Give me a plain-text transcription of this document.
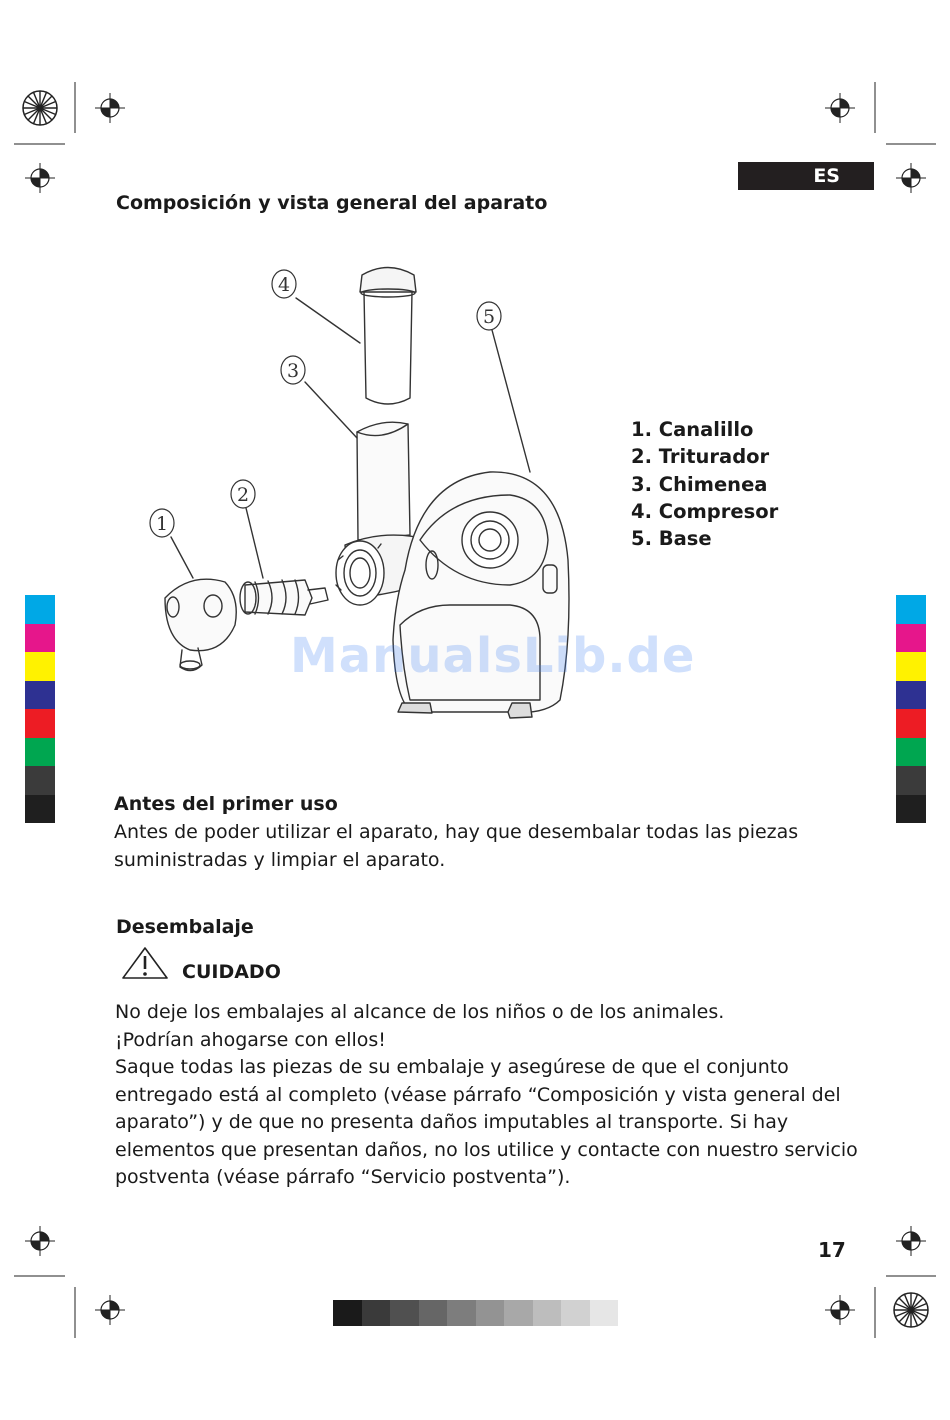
ES
Composición y vista general del aparato
4
3
5
2
1
1. Canalillo
2. Triturador
3. Chimenea
4. Compresor
5. Base
ManualsLib.de
Antes del primer uso
Antes de poder utilizar el aparato, hay que desembalar todas las piezas
suministradas y limpiar el aparato.
Desembalaje
CUIDADO
No deje los embalajes al alcance de los niños o de los animales.
¡Podrían ahogarse con ellos!
Saque todas las piezas de su embalaje y asegúrese de que el conjunto
entregado está al completo (véase párrafo “Composición y vista general del
aparato”) y de que no presenta daños imputables al transporte. Si hay
elementos que presentan daños, no los utilice y contacte con nuestro servicio
postventa (véase párrafo “Servicio postventa”).
17
